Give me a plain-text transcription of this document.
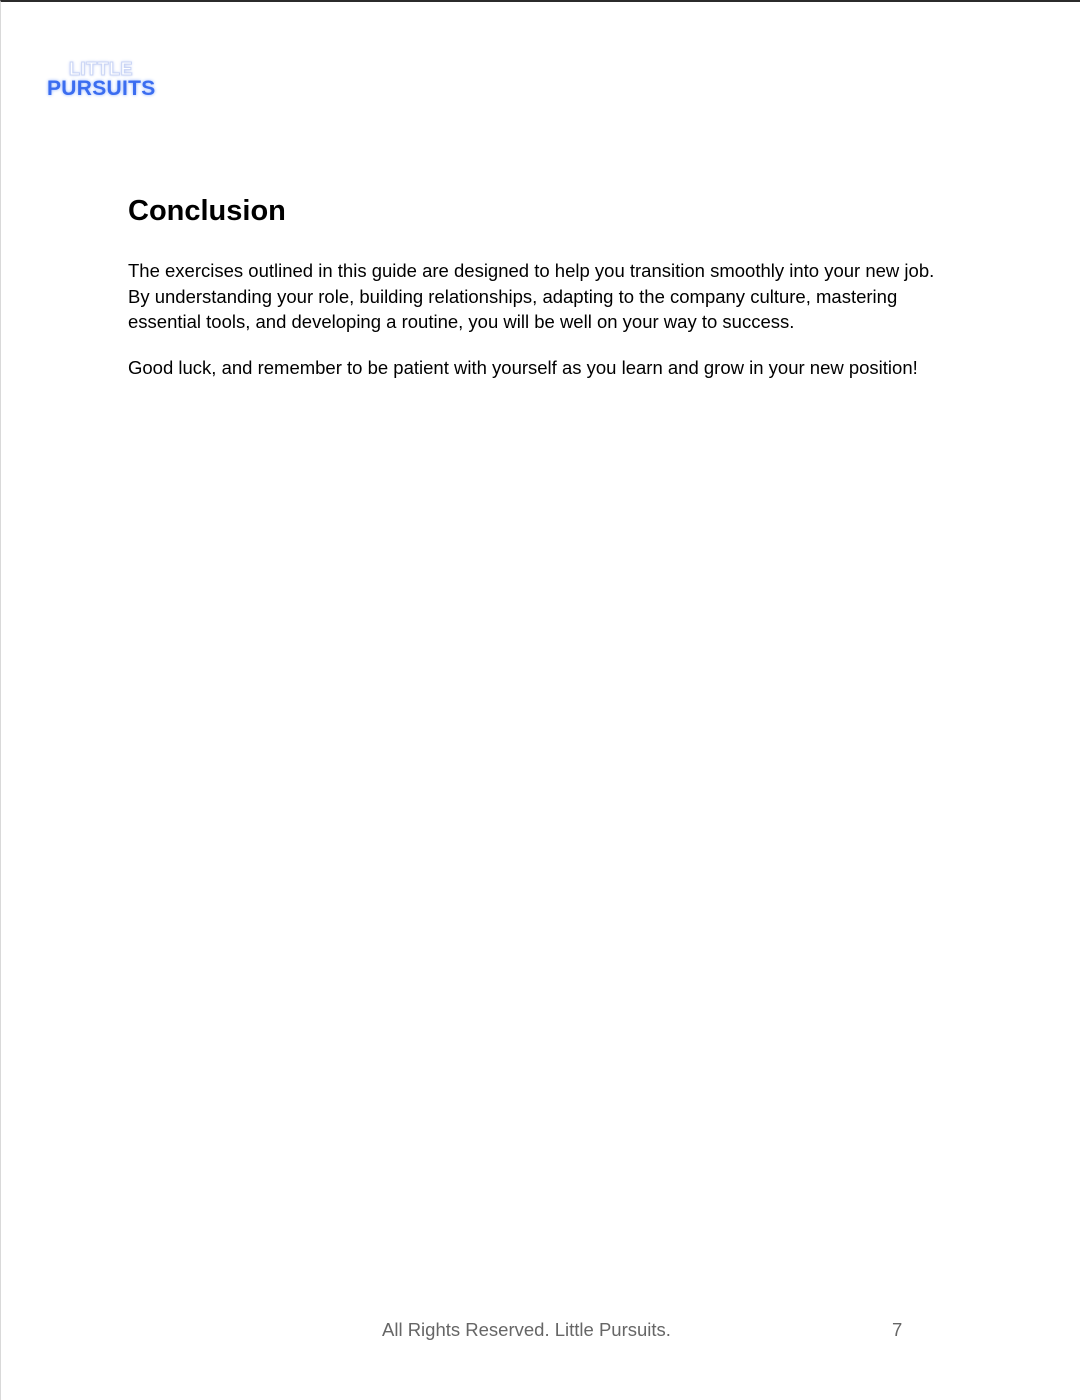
LITTLE
PURSUITS
Conclusion

The exercises outlined in this guide are designed to help you transition smoothly into your new job. By understanding your role, building relationships, adapting to the company culture, mastering essential tools, and developing a routine, you will be well on your way to success.

Good luck, and remember to be patient with yourself as you learn and grow in your new position!

All Rights Reserved. Little Pursuits.	7
